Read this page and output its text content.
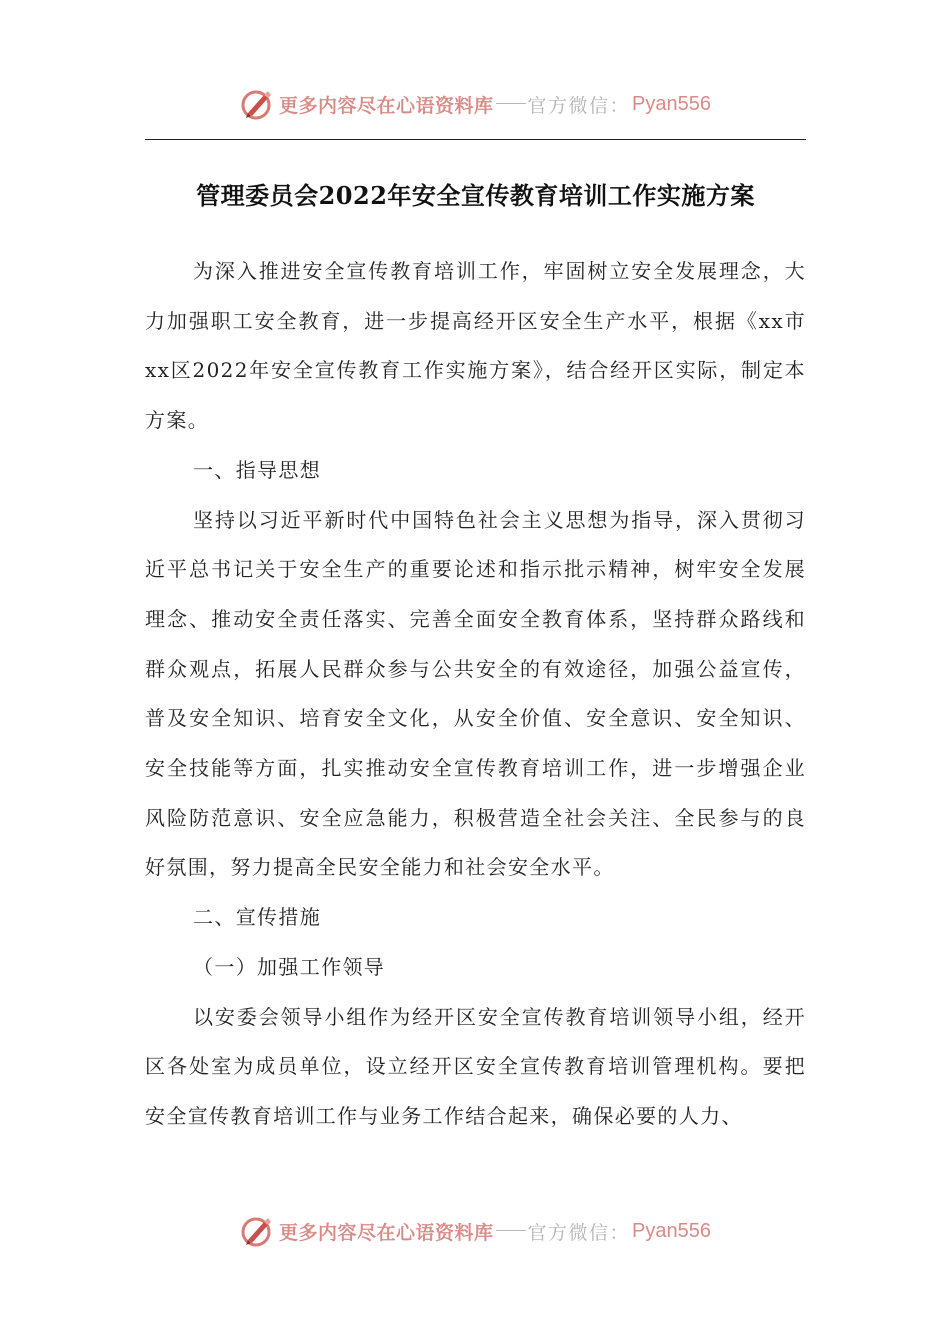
更多内容尽在心语资料库 官方微信： Pyan556
管理委员会2022年安全宣传教育培训工作实施方案

为深入推进安全宣传教育培训工作，牢固树立安全发展理念，大力加强职工安全教育，进一步提高经开区安全生产水平，根据《xx市xx区2022年安全宣传教育工作实施方案》，结合经开区实际，制定本方案。

一、指导思想

坚持以习近平新时代中国特色社会主义思想为指导，深入贯彻习近平总书记关于安全生产的重要论述和指示批示精神，树牢安全发展理念、推动安全责任落实、完善全面安全教育体系，坚持群众路线和群众观点，拓展人民群众参与公共安全的有效途径，加强公益宣传，普及安全知识、培育安全文化，从安全价值、安全意识、安全知识、安全技能等方面，扎实推动安全宣传教育培训工作，进一步增强企业风险防范意识、安全应急能力，积极营造全社会关注、全民参与的良好氛围，努力提高全民安全能力和社会安全水平。

二、宣传措施

（一）加强工作领导

以安委会领导小组作为经开区安全宣传教育培训领导小组，经开区各处室为成员单位，设立经开区安全宣传教育培训管理机构。要把安全宣传教育培训工作与业务工作结合起来，确保必要的人力、

更多内容尽在心语资料库 官方微信： Pyan556
